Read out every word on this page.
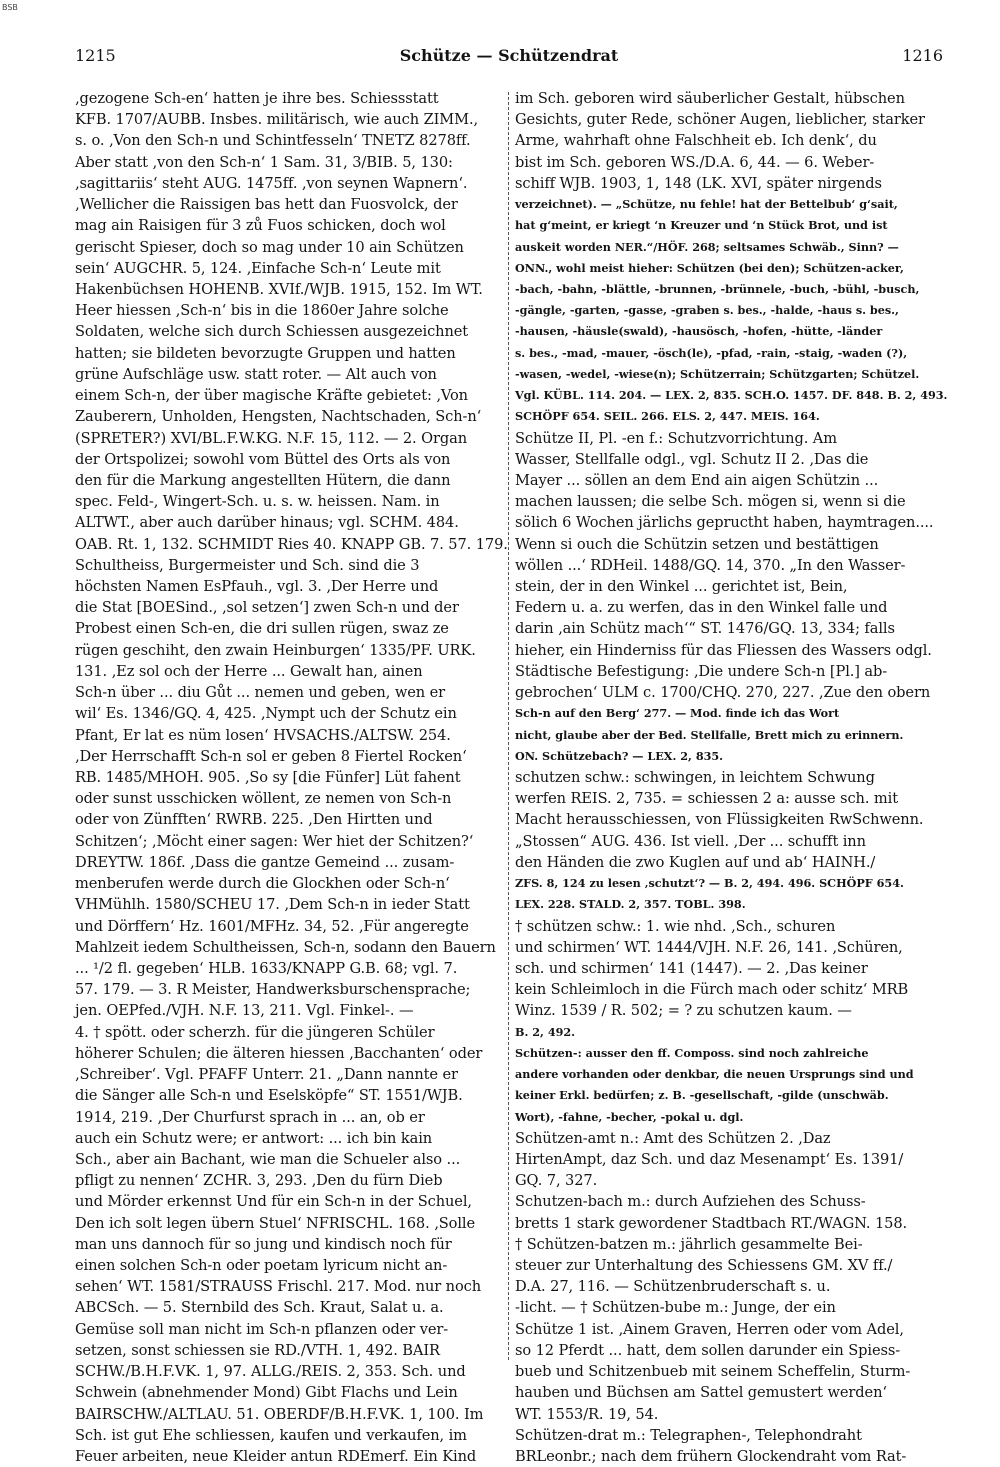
BSB
1215	Schütze — Schützendrat	1216
‚gezogene Sch-en‘ hatten je ihre bes. Schiessstatt
KFB. 1707/AUBB. Insbes. militärisch, wie auch ZIMM.,
s. o. ‚Von den Sch-n und Schintfesseln‘ TNETZ 8278ff.
Aber statt ‚von den Sch-n‘ 1 Sam. 31, 3/BIB. 5, 130:
‚sagittariis‘ steht AUG. 1475ff. ‚von seynen Wapnern‘.
‚Wellicher die Raissigen bas hett dan Fuosvolck, der
mag ain Raisigen für 3 zů Fuos schicken, doch wol
gerischt Spieser, doch so mag under 10 ain Schützen
sein‘ AUGCHR. 5, 124. ‚Einfache Sch-n‘ Leute mit
Hakenbüchsen HOHENB. XVIf./WJB. 1915, 152. Im WT.
Heer hiessen ‚Sch-n‘ bis in die 1860er Jahre solche
Soldaten, welche sich durch Schiessen ausgezeichnet
hatten; sie bildeten bevorzugte Gruppen und hatten
grüne Aufschläge usw. statt roter. — Alt auch von
einem Sch-n, der über magische Kräfte gebietet: ‚Von
Zauberern, Unholden, Hengsten, Nachtschaden, Sch-n‘
(SPRETER?) XVI/BL.F.W.KG. N.F. 15, 112. — 2. Organ
der Ortspolizei; sowohl vom Büttel des Orts als von
den für die Markung angestellten Hütern, die dann
spec. Feld-, Wingert-Sch. u. s. w. heissen. Nam. in
ALTWT., aber auch darüber hinaus; vgl. SCHM. 484.
OAB. Rt. 1, 132. SCHMIDT Ries 40. KNAPP GB. 7. 57. 179.
Schultheiss, Burgermeister und Sch. sind die 3
höchsten Namen EsPfauh., vgl. 3. ‚Der Herre und
die Stat [BOESind., ‚sol setzen‘] zwen Sch-n und der
Probest einen Sch-en, die dri sullen rügen, swaz ze
rügen geschiht, den zwain Heinburgen‘ 1335/PF. URK.
131. ‚Ez sol och der Herre ... Gewalt han, ainen
Sch-n über ... diu Gůt ... nemen und geben, wen er
wil‘ Es. 1346/GQ. 4, 425. ‚Nympt uch der Schutz ein
Pfant, Er lat es nüm losen‘ HVSACHS./ALTSW. 254.
‚Der Herrschafft Sch-n sol er geben 8 Fiertel Rocken‘
RB. 1485/MHOH. 905. ‚So sy [die Fünfer] Lüt fahent
oder sunst usschicken wöllent, ze nemen von Sch-n
oder von Zünfften‘ RWRB. 225. ‚Den Hirtten und
Schitzen‘; ‚Möcht einer sagen: Wer hiet der Schitzen?‘
DREYTW. 186f. ‚Dass die gantze Gemeind ... zusam-
menberufen werde durch die Glockhen oder Sch-n‘
VHMühlh. 1580/SCHEU 17. ‚Dem Sch-n in ieder Statt
und Dörffern‘ Hz. 1601/MFHz. 34, 52. ‚Für angeregte
Mahlzeit iedem Schultheissen, Sch-n, sodann den Bauern
... ¹/2 fl. gegeben‘ HLB. 1633/KNAPP G.B. 68; vgl. 7.
57. 179. — 3. R Meister, Handwerksburschensprache;
jen. OEPfed./VJH. N.F. 13, 211. Vgl. Finkel-. —
4. † spött. oder scherzh. für die jüngeren Schüler
höherer Schulen; die älteren hiessen ‚Bacchanten‘ oder
‚Schreiber‘. Vgl. PFAFF Unterr. 21. „Dann nannte er
die Sänger alle Sch-n und Eselsköpfe“ ST. 1551/WJB.
1914, 219. ‚Der Churfurst sprach in ... an, ob er
auch ein Schutz were; er antwort: ... ich bin kain
Sch., aber ain Bachant, wie man die Schueler also ...
pfligt zu nennen‘ ZCHR. 3, 293. ‚Den du fürn Dieb
und Mörder erkennst Und für ein Sch-n in der Schuel,
Den ich solt legen übern Stuel‘ NFRISCHL. 168. ‚Solle
man uns dannoch für so jung und kindisch noch für
einen solchen Sch-n oder poetam lyricum nicht an-
sehen‘ WT. 1581/STRAUSS Frischl. 217. Mod. nur noch
ABCSch. — 5. Sternbild des Sch. Kraut, Salat u. a.
Gemüse soll man nicht im Sch-n pflanzen oder ver-
setzen, sonst schiessen sie RD./VTH. 1, 492. BAIR
SCHW./B.H.F.VK. 1, 97. ALLG./REIS. 2, 353. Sch. und
Schwein (abnehmender Mond) Gibt Flachs und Lein
BAIRSCHW./ALTLAU. 51. OBERDF/B.H.F.VK. 1, 100. Im
Sch. ist gut Ehe schliessen, kaufen und verkaufen, im
Feuer arbeiten, neue Kleider antun RDEmerf. Ein Kind
im Sch. geboren wird säuberlicher Gestalt, hübschen
Gesichts, guter Rede, schöner Augen, lieblicher, starker
Arme, wahrhaft ohne Falschheit eb. Ich denk‘, du
bist im Sch. geboren WS./D.A. 6, 44. — 6. Weber-
schiff WJB. 1903, 1, 148 (LK. XVI, später nirgends
verzeichnet). — „Schütze, nu fehle! hat der Bettelbub‘ g‘sait,
hat g‘meint, er kriegt ‘n Kreuzer und ‘n Stück Brot, und ist
auskeit worden NER.“/HÖF. 268; seltsames Schwäb., Sinn? —
ONN., wohl meist hieher: Schützen (bei den); Schützen-acker,
-bach, -bahn, -blättle, -brunnen, -brünnele, -buch, -bühl, -busch,
-gängle, -garten, -gasse, -graben s. bes., -halde, -haus s. bes.,
-hausen, -häusle(swald), -hausösch, -hofen, -hütte, -länder
s. bes., -mad, -mauer, -ösch(le), -pfad, -rain, -staig, -waden (?),
-wasen, -wedel, -wiese(n); Schützerrain; Schützgarten; Schützel.
Vgl. KÜBL. 114. 204. — LEX. 2, 835. SCH.O. 1457. DF. 848. B. 2, 493.
SCHÖPF 654. SEIL. 266. ELS. 2, 447. MEIS. 164.
Schütze II, Pl. -en f.: Schutzvorrichtung. Am
Wasser, Stellfalle odgl., vgl. Schutz II 2. ‚Das die
Mayer ... söllen an dem End ain aigen Schützin ...
machen laussen; die selbe Sch. mögen si, wenn si die
sölich 6 Wochen järlichs gepructht haben, haymtragen....
Wenn si ouch die Schützin setzen und bestättigen
wöllen ...‘ RDHeil. 1488/GQ. 14, 370. „In den Wasser-
stein, der in den Winkel ... gerichtet ist, Bein,
Federn u. a. zu werfen, das in den Winkel falle und
darin ‚ain Schütz mach‘“ ST. 1476/GQ. 13, 334; falls
hieher, ein Hinderniss für das Fliessen des Wassers odgl.
Städtische Befestigung: ‚Die undere Sch-n [Pl.] ab-
gebrochen‘ ULM c. 1700/CHQ. 270, 227. ‚Zue den obern
Sch-n auf den Berg‘ 277. — Mod. finde ich das Wort
nicht, glaube aber der Bed. Stellfalle, Brett mich zu erinnern.
ON. Schützebach? — LEX. 2, 835.
schutzen schw.: schwingen, in leichtem Schwung
werfen REIS. 2, 735. = schiessen 2 a: ausse sch. mit
Macht herausschiessen, von Flüssigkeiten RwSchwenn.
„Stossen“ AUG. 436. Ist viell. ‚Der ... schufft inn
den Händen die zwo Kuglen auf und ab‘ HAINH./
ZFS. 8, 124 zu lesen ‚schutzt‘? — B. 2, 494. 496. SCHÖPF 654.
LEX. 228. STALD. 2, 357. TOBL. 398.
† schützen schw.: 1. wie nhd. ‚Sch., schuren
und schirmen‘ WT. 1444/VJH. N.F. 26, 141. ‚Schüren,
sch. und schirmen‘ 141 (1447). — 2. ‚Das keiner
kein Schleimloch in die Fürch mach oder schitz‘ MRB
Winz. 1539 / R. 502; = ? zu schutzen kaum. —
B. 2, 492.
Schützen-: ausser den ff. Composs. sind noch zahlreiche
andere vorhanden oder denkbar, die neuen Ursprungs sind und
keiner Erkl. bedürfen; z. B. -gesellschaft, -gilde (unschwäb.
Wort), -fahne, -becher, -pokal u. dgl.
Schützen-amt n.: Amt des Schützen 2. ‚Daz
HirtenAmpt, daz Sch. und daz Mesenampt‘ Es. 1391/
GQ. 7, 327.
Schutzen-bach m.: durch Aufziehen des Schuss-
bretts 1 stark gewordener Stadtbach RT./WAGN. 158.
† Schützen-batzen m.: jährlich gesammelte Bei-
steuer zur Unterhaltung des Schiessens GM. XV ff./
D.A. 27, 116. — Schützenbruderschaft s. u.
-licht. — † Schützen-bube m.: Junge, der ein
Schütze 1 ist. ‚Ainem Graven, Herren oder vom Adel,
so 12 Pferdt ... hatt, dem sollen darunder ein Spiess-
bueb und Schitzenbueb mit seinem Scheffelin, Sturm-
hauben und Büchsen am Sattel gemustert werden‘
WT. 1553/R. 19, 54.
Schützen-drat m.: Telegraphen-, Telephondraht
BRLeonbr.; nach dem frühern Glockendraht vom Rat-
